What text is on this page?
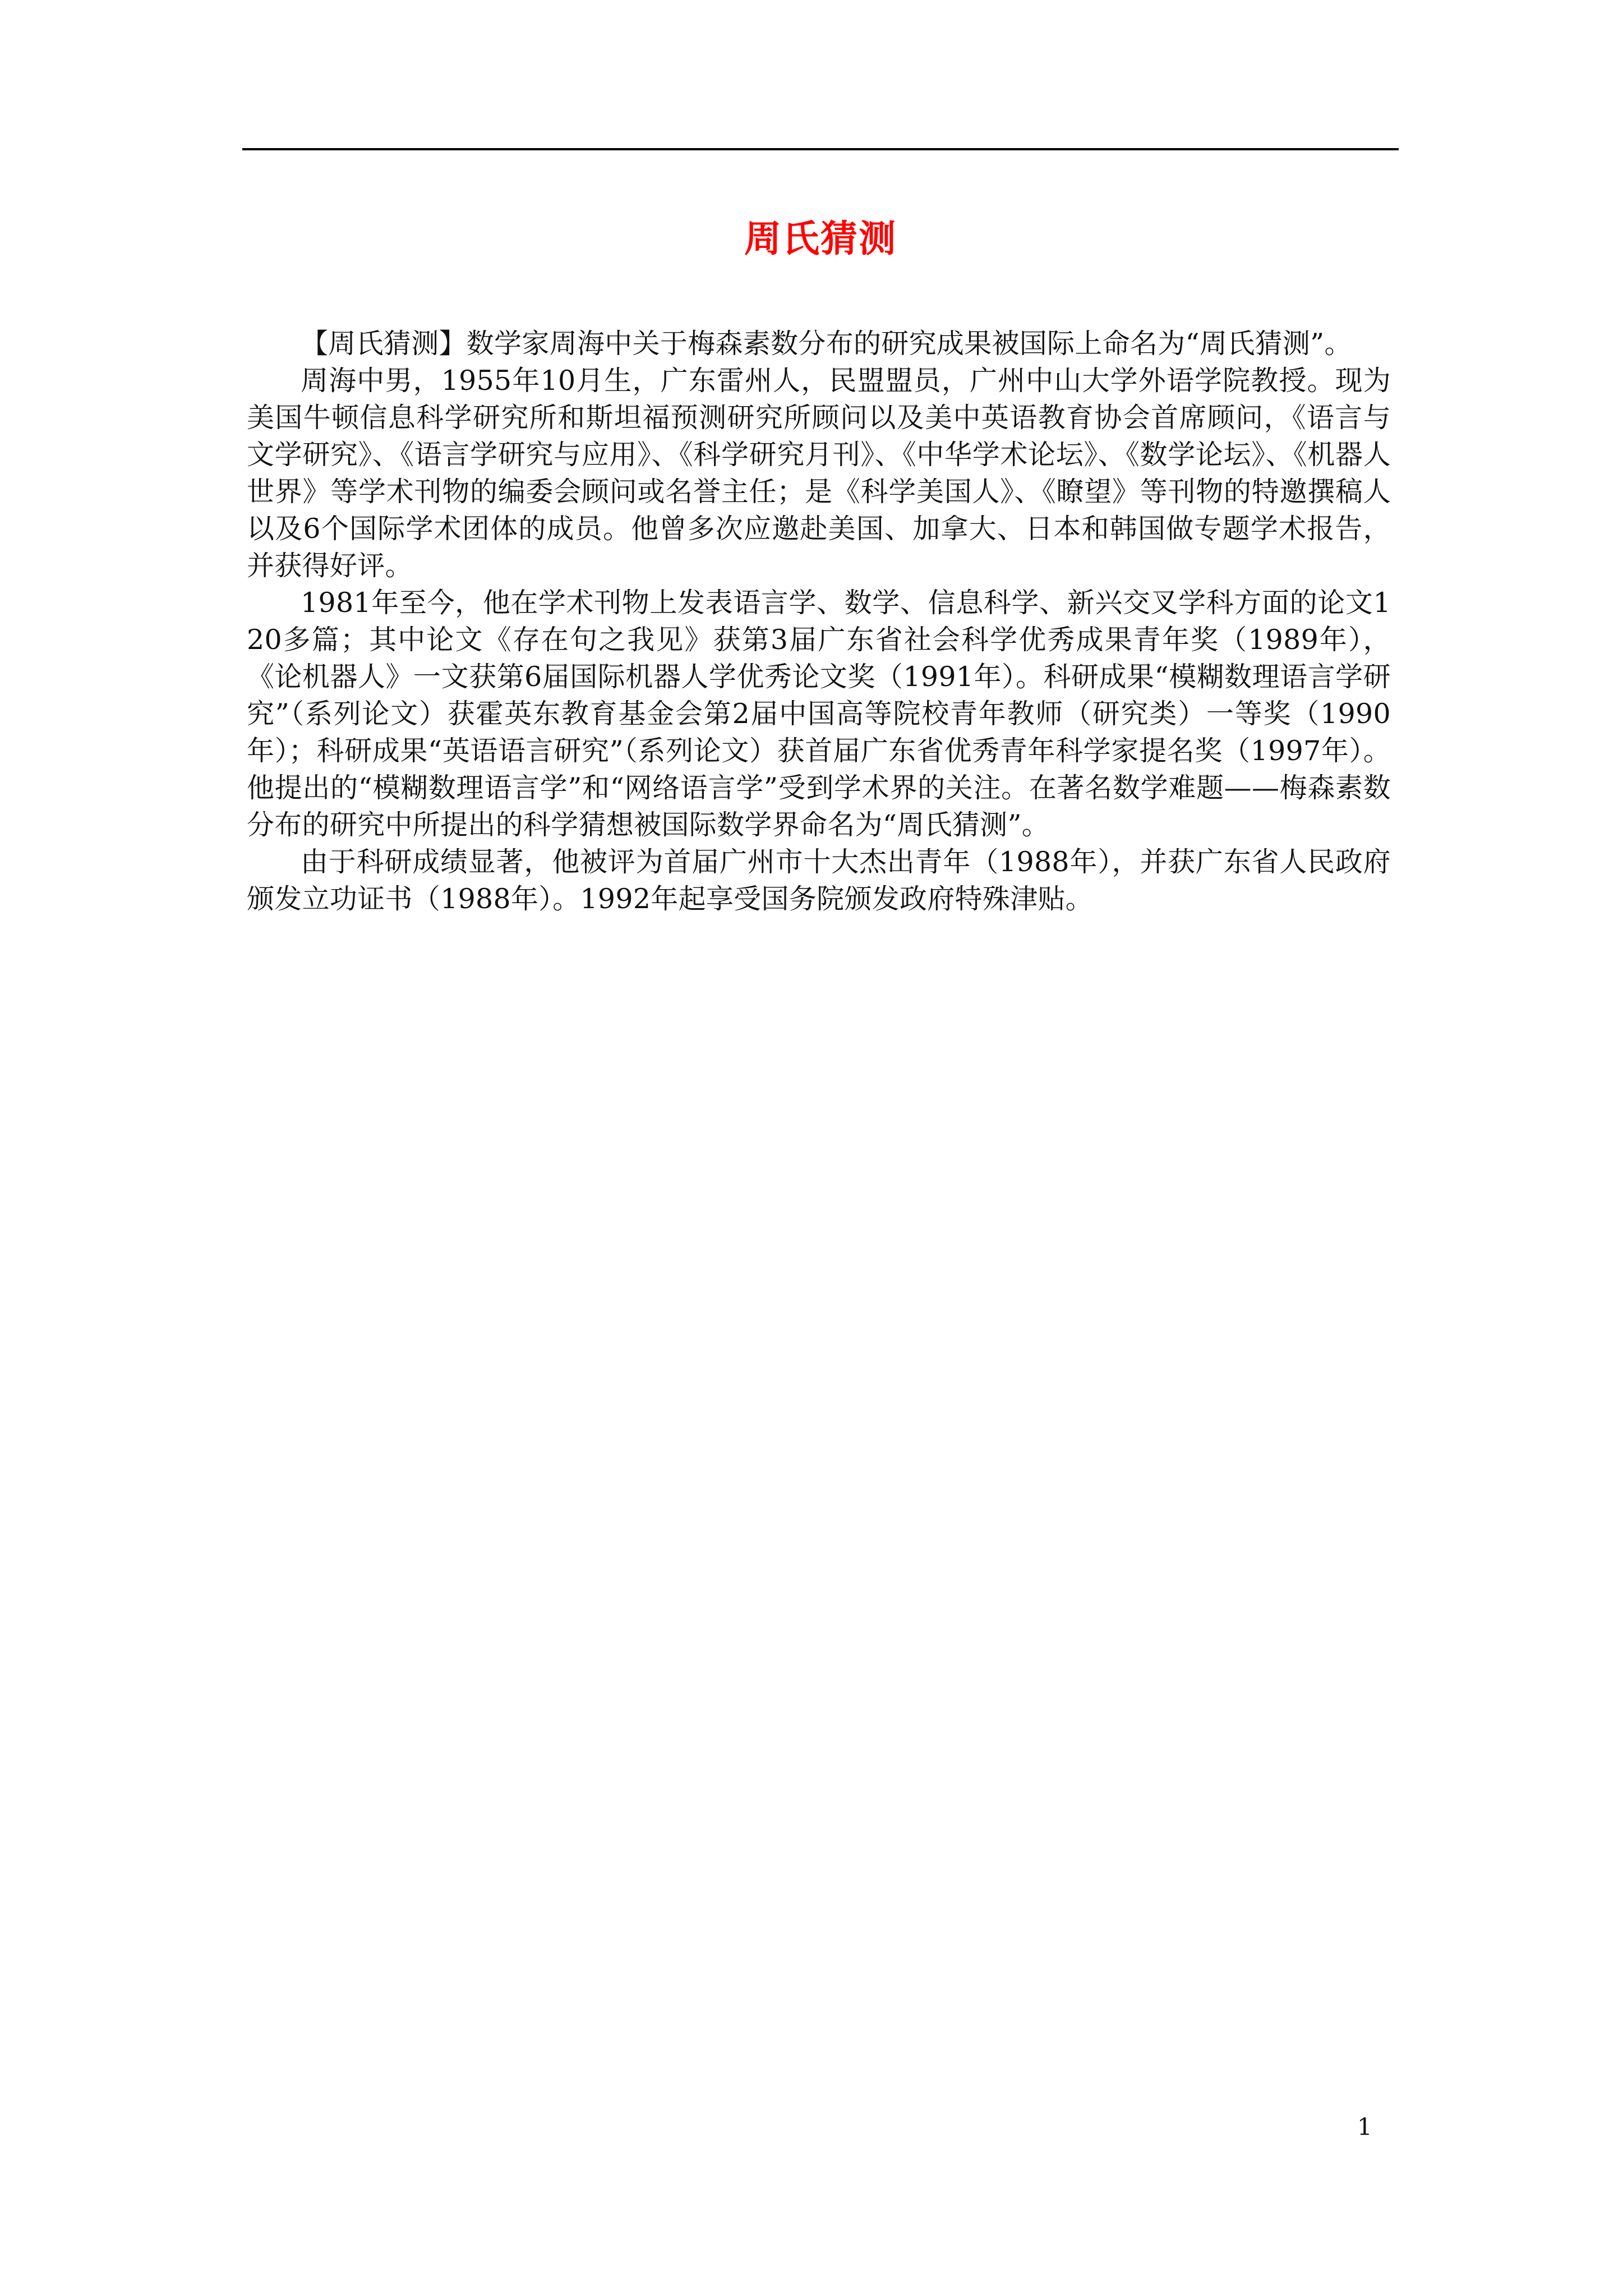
周氏猜测

【周氏猜测】数学家周海中关于梅森素数分布的研究成果被国际上命名为“周氏猜测”。

周海中男，1955年10月生，广东雷州人，民盟盟员，广州中山大学外语学院教授。现为美国牛顿信息科学研究所和斯坦福预测研究所顾问以及美中英语教育协会首席顾问，《语言与文学研究》、《语言学研究与应用》、《科学研究月刊》、《中华学术论坛》、《数学论坛》、《机器人世界》等学术刊物的编委会顾问或名誉主任；是《科学美国人》、《瞭望》等刊物的特邀撰稿人以及6个国际学术团体的成员。他曾多次应邀赴美国、加拿大、日本和韩国做专题学术报告，并获得好评。

1981年至今，他在学术刊物上发表语言学、数学、信息科学、新兴交叉学科方面的论文120多篇；其中论文《存在句之我见》获第3届广东省社会科学优秀成果青年奖（1989年），《论机器人》一文获第6届国际机器人学优秀论文奖（1991年）。科研成果“模糊数理语言学研究”（系列论文）获霍英东教育基金会第2届中国高等院校青年教师（研究类）一等奖（1990年）；科研成果“英语语言研究”（系列论文）获首届广东省优秀青年科学家提名奖（1997年）。他提出的“模糊数理语言学”和“网络语言学”受到学术界的关注。在著名数学难题——梅森素数分布的研究中所提出的科学猜想被国际数学界命名为“周氏猜测”。

由于科研成绩显著，他被评为首届广州市十大杰出青年（1988年），并获广东省人民政府颁发立功证书（1988年）。1992年起享受国务院颁发政府特殊津贴。

1
